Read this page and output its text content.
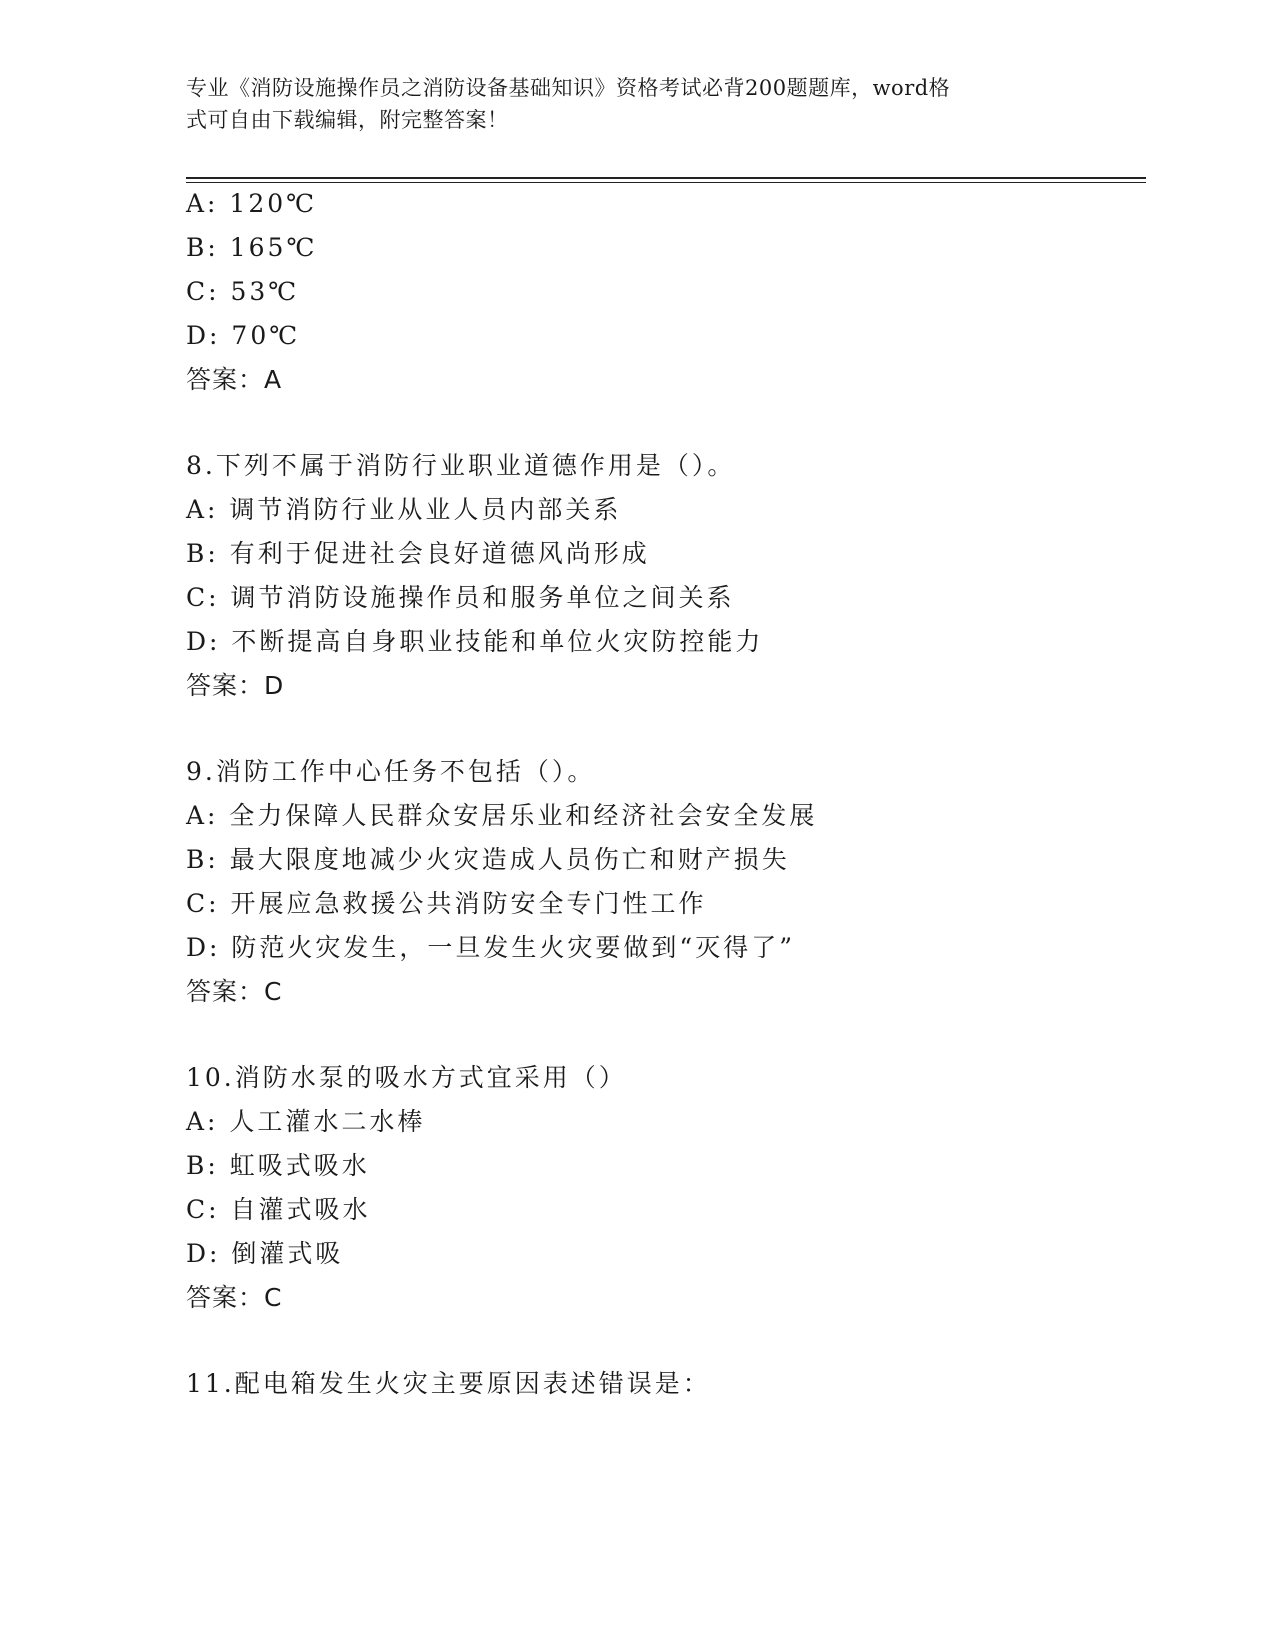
专业《消防设施操作员之消防设备基础知识》资格考试必背200题题库，word格
式可自由下载编辑，附完整答案！
A: 120℃
B: 165℃
C: 53℃
D: 70℃
答案：A
8.下列不属于消防行业职业道德作用是（）。
A: 调节消防行业从业人员内部关系
B: 有利于促进社会良好道德风尚形成
C: 调节消防设施操作员和服务单位之间关系
D: 不断提高自身职业技能和单位火灾防控能力
答案：D
9.消防工作中心任务不包括（）。
A: 全力保障人民群众安居乐业和经济社会安全发展
B: 最大限度地减少火灾造成人员伤亡和财产损失
C: 开展应急救援公共消防安全专门性工作
D: 防范火灾发生，一旦发生火灾要做到“灭得了”
答案：C
10.消防水泵的吸水方式宜采用（）
A: 人工灌水二水棒
B: 虹吸式吸水
C: 自灌式吸水
D: 倒灌式吸
答案：C
11.配电箱发生火灾主要原因表述错误是：
